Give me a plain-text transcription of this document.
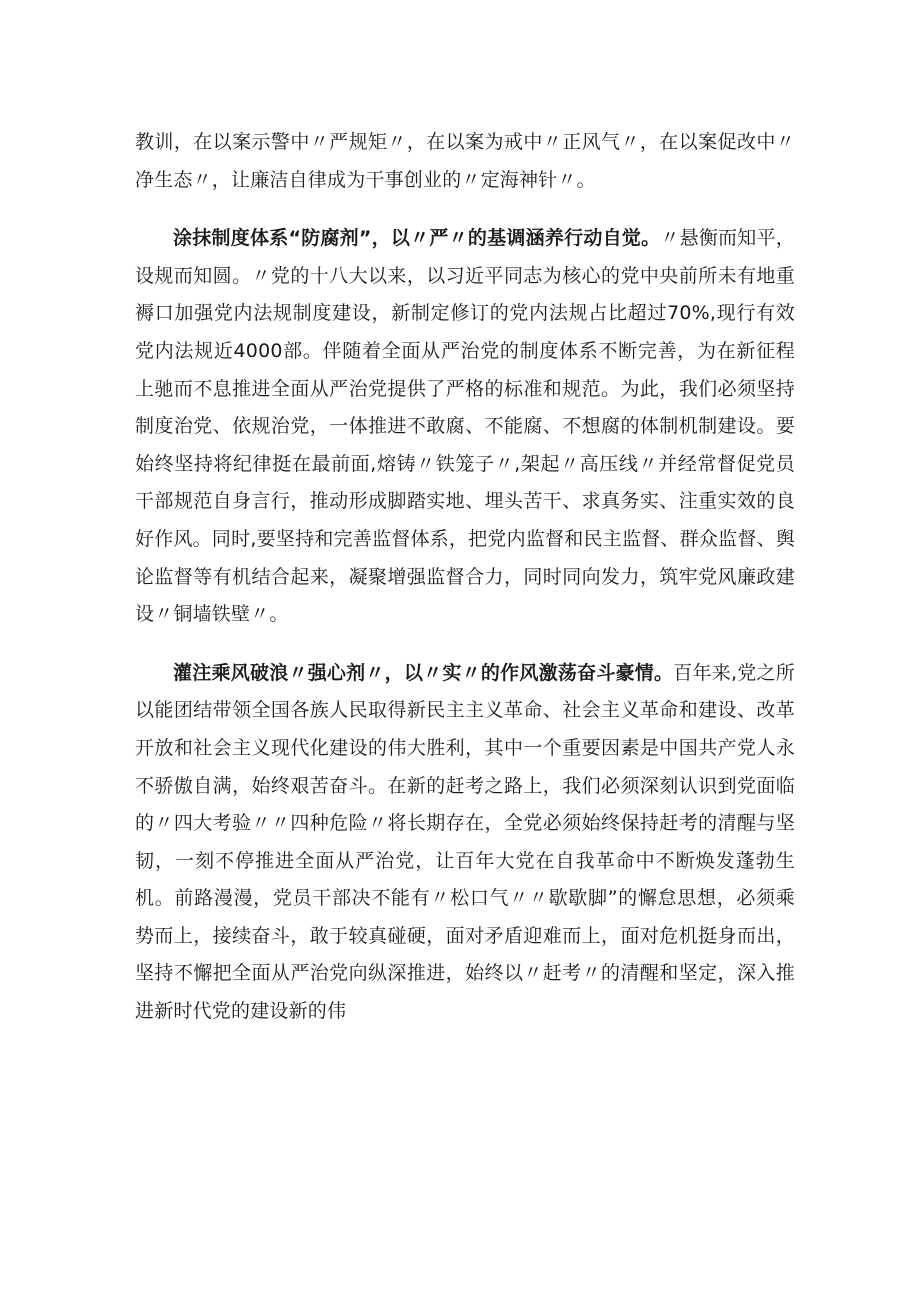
教训，在以案示警中〃严规矩〃，在以案为戒中〃正风气〃，在以案促改中〃净生态〃，让廉洁自律成为干事创业的〃定海神针〃。

涂抹制度体系“防腐剂”，以〃严〃的基调涵养行动自觉。〃悬衡而知平，设规而知圆。〃党的十八大以来，以习近平同志为核心的党中央前所未有地重褥口加强党内法规制度建设，新制定修订的党内法规占比超过70%,现行有效党内法规近4000部。伴随着全面从严治党的制度体系不断完善，为在新征程上驰而不息推进全面从严治党提供了严格的标准和规范。为此，我们必须坚持制度治党、依规治党，一体推进不敢腐、不能腐、不想腐的体制机制建设。要始终坚持将纪律挺在最前面,熔铸〃铁笼子〃,架起〃高压线〃并经常督促党员干部规范自身言行，推动形成脚踏实地、埋头苦干、求真务实、注重实效的良好作风。同时,要坚持和完善监督体系，把党内监督和民主监督、群众监督、舆论监督等有机结合起来，凝聚增强监督合力，同时同向发力，筑牢党风廉政建设〃铜墙铁壁〃。

灌注乘风破浪〃强心剂〃，以〃实〃的作风激荡奋斗豪情。百年来,党之所以能团结带领全国各族人民取得新民主主义革命、社会主义革命和建设、改革开放和社会主义现代化建设的伟大胜利，其中一个重要因素是中国共产党人永不骄傲自满，始终艰苦奋斗。在新的赶考之路上，我们必须深刻认识到党面临的〃四大考验〃〃四种危险〃将长期存在，全党必须始终保持赶考的清醒与坚韧，一刻不停推进全面从严治党，让百年大党在自我革命中不断焕发蓬勃生机。前路漫漫，党员干部决不能有〃松口气〃〃歇歇脚”的懈怠思想，必须乘势而上，接续奋斗，敢于较真碰硬，面对矛盾迎难而上，面对危机挺身而出，坚持不懈把全面从严治党向纵深推进，始终以〃赶考〃的清醒和坚定，深入推进新时代党的建设新的伟
